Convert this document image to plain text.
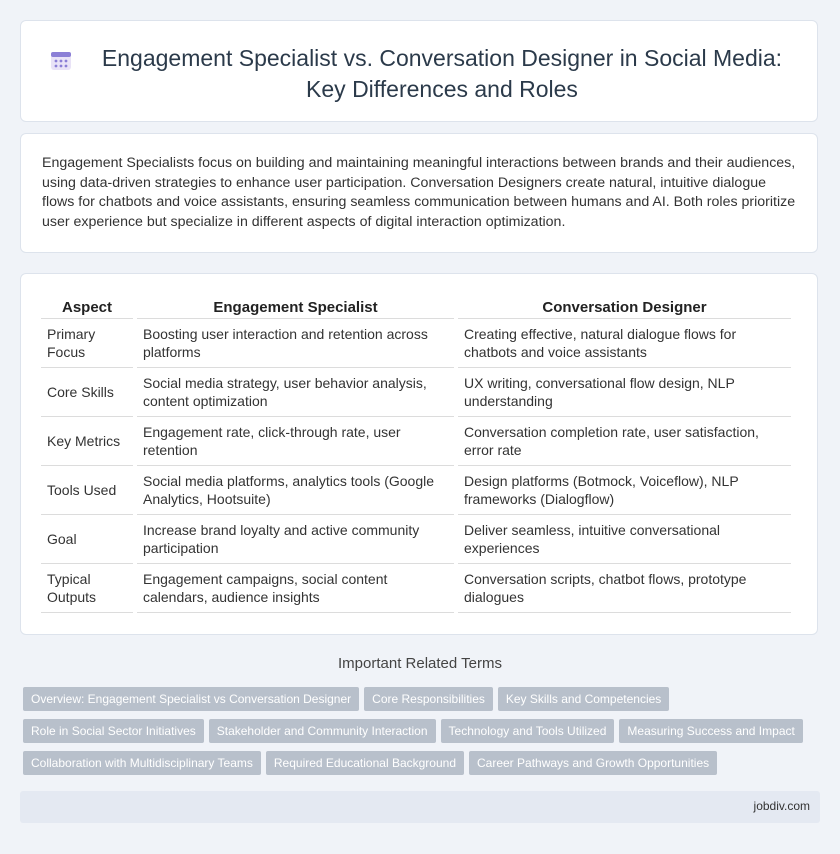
Engagement Specialist vs. Conversation Designer in Social Media: Key Differences and Roles

Engagement Specialists focus on building and maintaining meaningful interactions between brands and their audiences, using data-driven strategies to enhance user participation. Conversation Designers create natural, intuitive dialogue flows for chatbots and voice assistants, ensuring seamless communication between humans and AI. Both roles prioritize user experience but specialize in different aspects of digital interaction optimization.

Aspect	Engagement Specialist	Conversation Designer
Primary Focus	Boosting user interaction and retention across platforms	Creating effective, natural dialogue flows for chatbots and voice assistants
Core Skills	Social media strategy, user behavior analysis, content optimization	UX writing, conversational flow design, NLP understanding
Key Metrics	Engagement rate, click-through rate, user retention	Conversation completion rate, user satisfaction, error rate
Tools Used	Social media platforms, analytics tools (Google Analytics, Hootsuite)	Design platforms (Botmock, Voiceflow), NLP frameworks (Dialogflow)
Goal	Increase brand loyalty and active community participation	Deliver seamless, intuitive conversational experiences
Typical Outputs	Engagement campaigns, social content calendars, audience insights	Conversation scripts, chatbot flows, prototype dialogues
Important Related Terms
Overview: Engagement Specialist vs Conversation Designer Core Responsibilities Key Skills and Competencies
Role in Social Sector Initiatives Stakeholder and Community Interaction Technology and Tools Utilized Measuring Success and Impact
Collaboration with Multidisciplinary Teams Required Educational Background Career Pathways and Growth Opportunities
jobdiv.com
